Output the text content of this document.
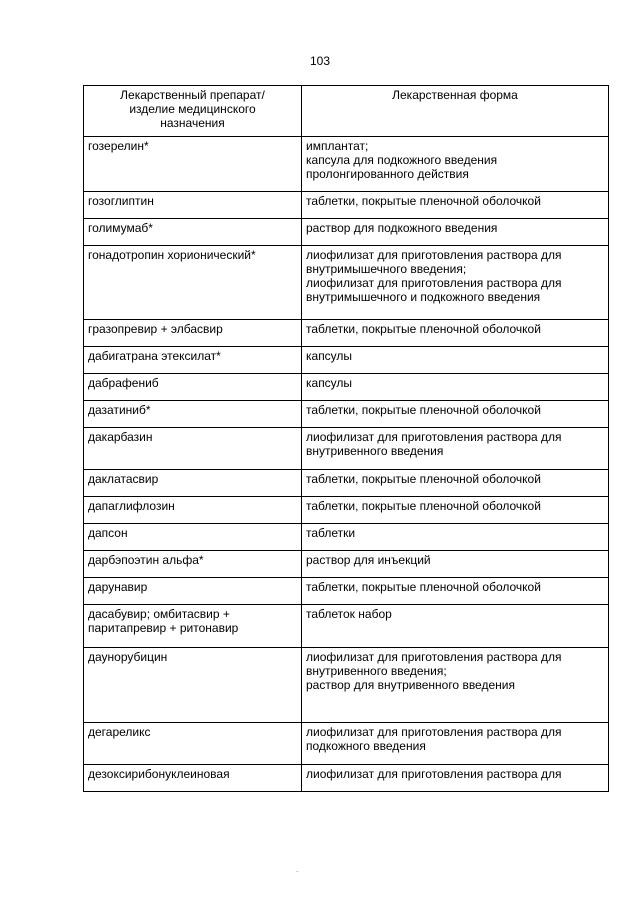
103
Лекарственный препарат/
изделие медицинского
назначения	Лекарственная форма
гозерелин*	имплантат;
капсула для подкожного введения
пролонгированного действия
гозоглиптин	таблетки, покрытые пленочной оболочкой
голимумаб*	раствор для подкожного введения
гонадотропин хорионический*	лиофилизат для приготовления раствора для
внутримышечного введения;
лиофилизат для приготовления раствора для
внутримышечного и подкожного введения
гразопревир + элбасвир	таблетки, покрытые пленочной оболочкой
дабигатрана этексилат*	капсулы
дабрафениб	капсулы
дазатиниб*	таблетки, покрытые пленочной оболочкой
дакарбазин	лиофилизат для приготовления раствора для
внутривенного введения
даклатасвир	таблетки, покрытые пленочной оболочкой
дапаглифлозин	таблетки, покрытые пленочной оболочкой
дапсон	таблетки
дарбэпоэтин альфа*	раствор для инъекций
дарунавир	таблетки, покрытые пленочной оболочкой
дасабувир; омбитасвир +
паритапревир + ритонавир	таблеток набор
даунорубицин	лиофилизат для приготовления раствора для
внутривенного введения;
раствор для внутривенного введения
дегареликс	лиофилизат для приготовления раствора для
подкожного введения
дезоксирибонуклеиновая	лиофилизат для приготовления раствора для
.
